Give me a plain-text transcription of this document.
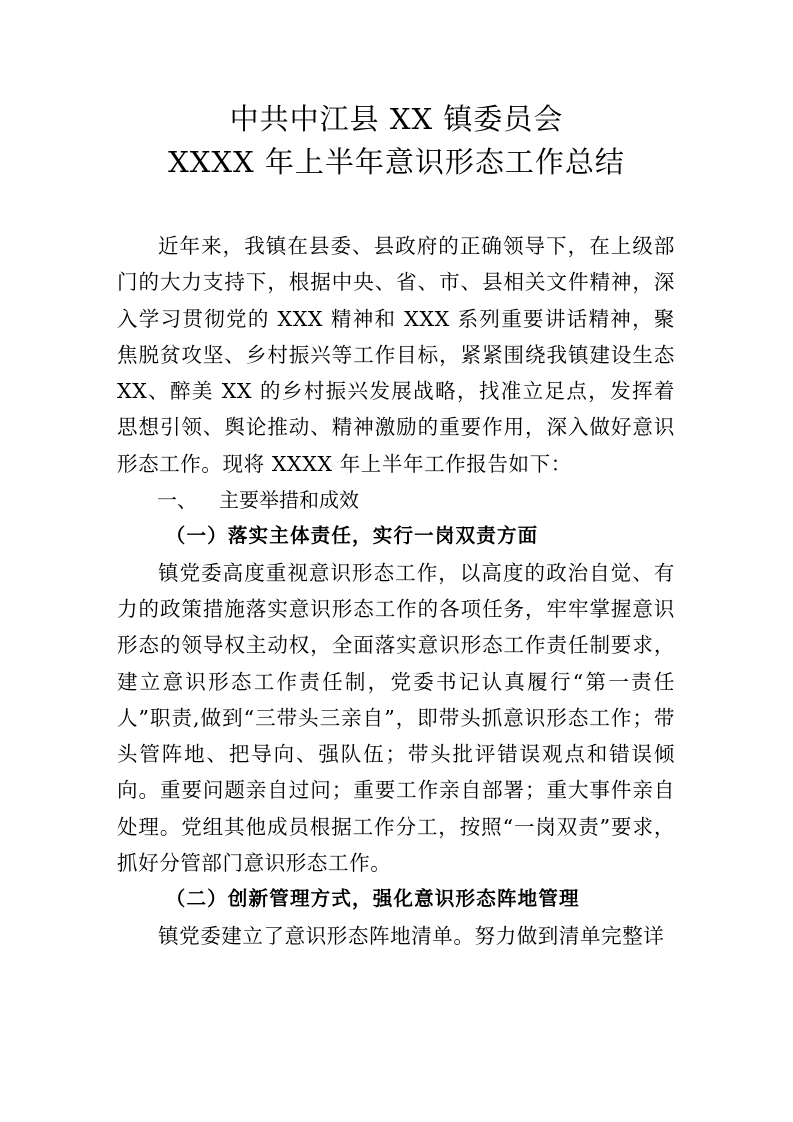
中共中江县 XX 镇委员会
XXXX 年上半年意识形态工作总结

近年来，我镇在县委、县政府的正确领导下，在上级部门的大力支持下，根据中央、省、市、县相关文件精神，深入学习贯彻党的 XXX 精神和 XXX 系列重要讲话精神，聚焦脱贫攻坚、乡村振兴等工作目标，紧紧围绕我镇建设生态 XX、醉美 XX 的乡村振兴发展战略，找准立足点，发挥着思想引领、舆论推动、精神激励的重要作用，深入做好意识形态工作。现将 XXXX 年上半年工作报告如下：

一、 主要举措和成效

（一）落实主体责任，实行一岗双责方面

镇党委高度重视意识形态工作，以高度的政治自觉、有力的政策措施落实意识形态工作的各项任务，牢牢掌握意识形态的领导权主动权，全面落实意识形态工作责任制要求，建立意识形态工作责任制，党委书记认真履行“第一责任人”职责,做到“三带头三亲自”，即带头抓意识形态工作；带头管阵地、把导向、强队伍；带头批评错误观点和错误倾向。重要问题亲自过问；重要工作亲自部署；重大事件亲自处理。党组其他成员根据工作分工，按照“一岗双责”要求，抓好分管部门意识形态工作。

（二）创新管理方式，强化意识形态阵地管理

镇党委建立了意识形态阵地清单。努力做到清单完整详
